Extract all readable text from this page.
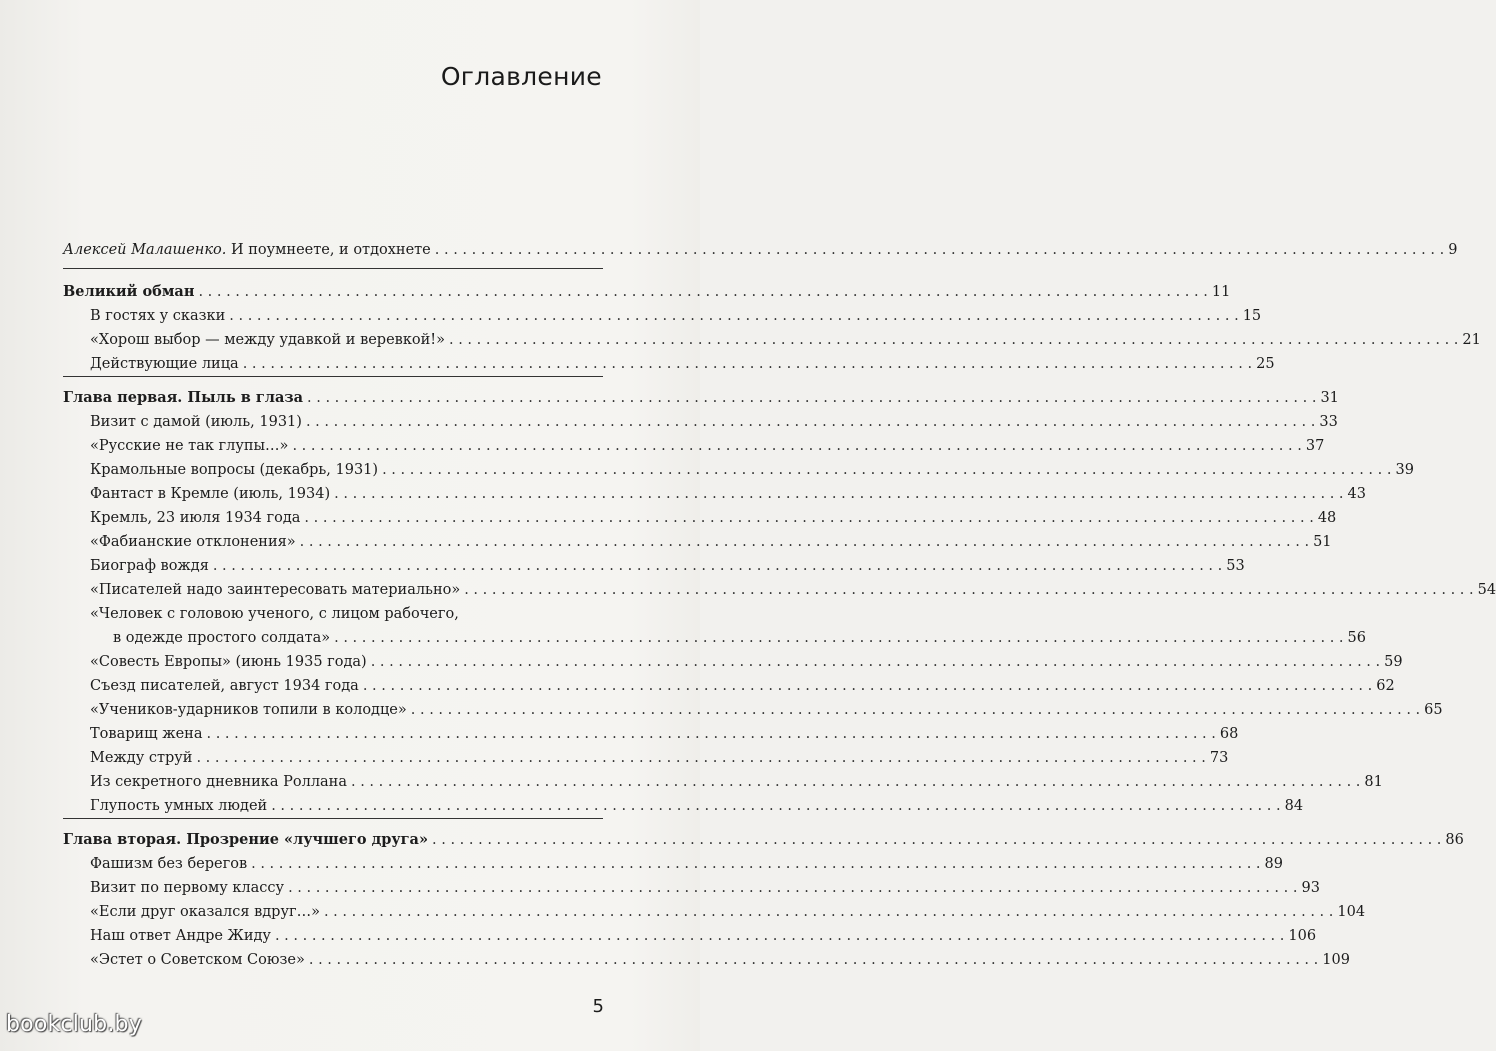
Оглавление
Алексей Малашенко. И поумнеете, и отдохнете . . .	9
Великий обман . . .	11
В гостях у сказки . . .	15
«Хорош выбор — между удавкой и веревкой!» . . .	21
Действующие лица . . .	25
Глава первая. Пыль в глаза . . .	31
Визит с дамой (июль, 1931) . . .	33
«Русские не так глупы…» . . .	37
Крамольные вопросы (декабрь, 1931) . . .	39
Фантаст в Кремле (июль, 1934) . . .	43
Кремль, 23 июля 1934 года . . .	48
«Фабианские отклонения» . . .	51
Биограф вождя . . .	53
«Писателей надо заинтересовать материально» . . .	54
«Человек с головою ученого, с лицом рабочего,
в одежде простого солдата» . . .	56
«Совесть Европы» (июнь 1935 года) . . .	59
Съезд писателей, август 1934 года . . .	62
«Учеников-ударников топили в колодце» . . .	65
Товарищ жена . . .	68
Между струй . . .	73
Из секретного дневника Роллана . . .	81
Глупость умных людей . . .	84
Глава вторая. Прозрение «лучшего друга» . . .	86
Фашизм без берегов . . .	89
Визит по первому классу . . .	93
«Если друг оказался вдруг…» . . .	104
Наш ответ Андре Жиду . . .	106
«Эстет о Советском Союзе» . . .	109
5
bookclub.by
